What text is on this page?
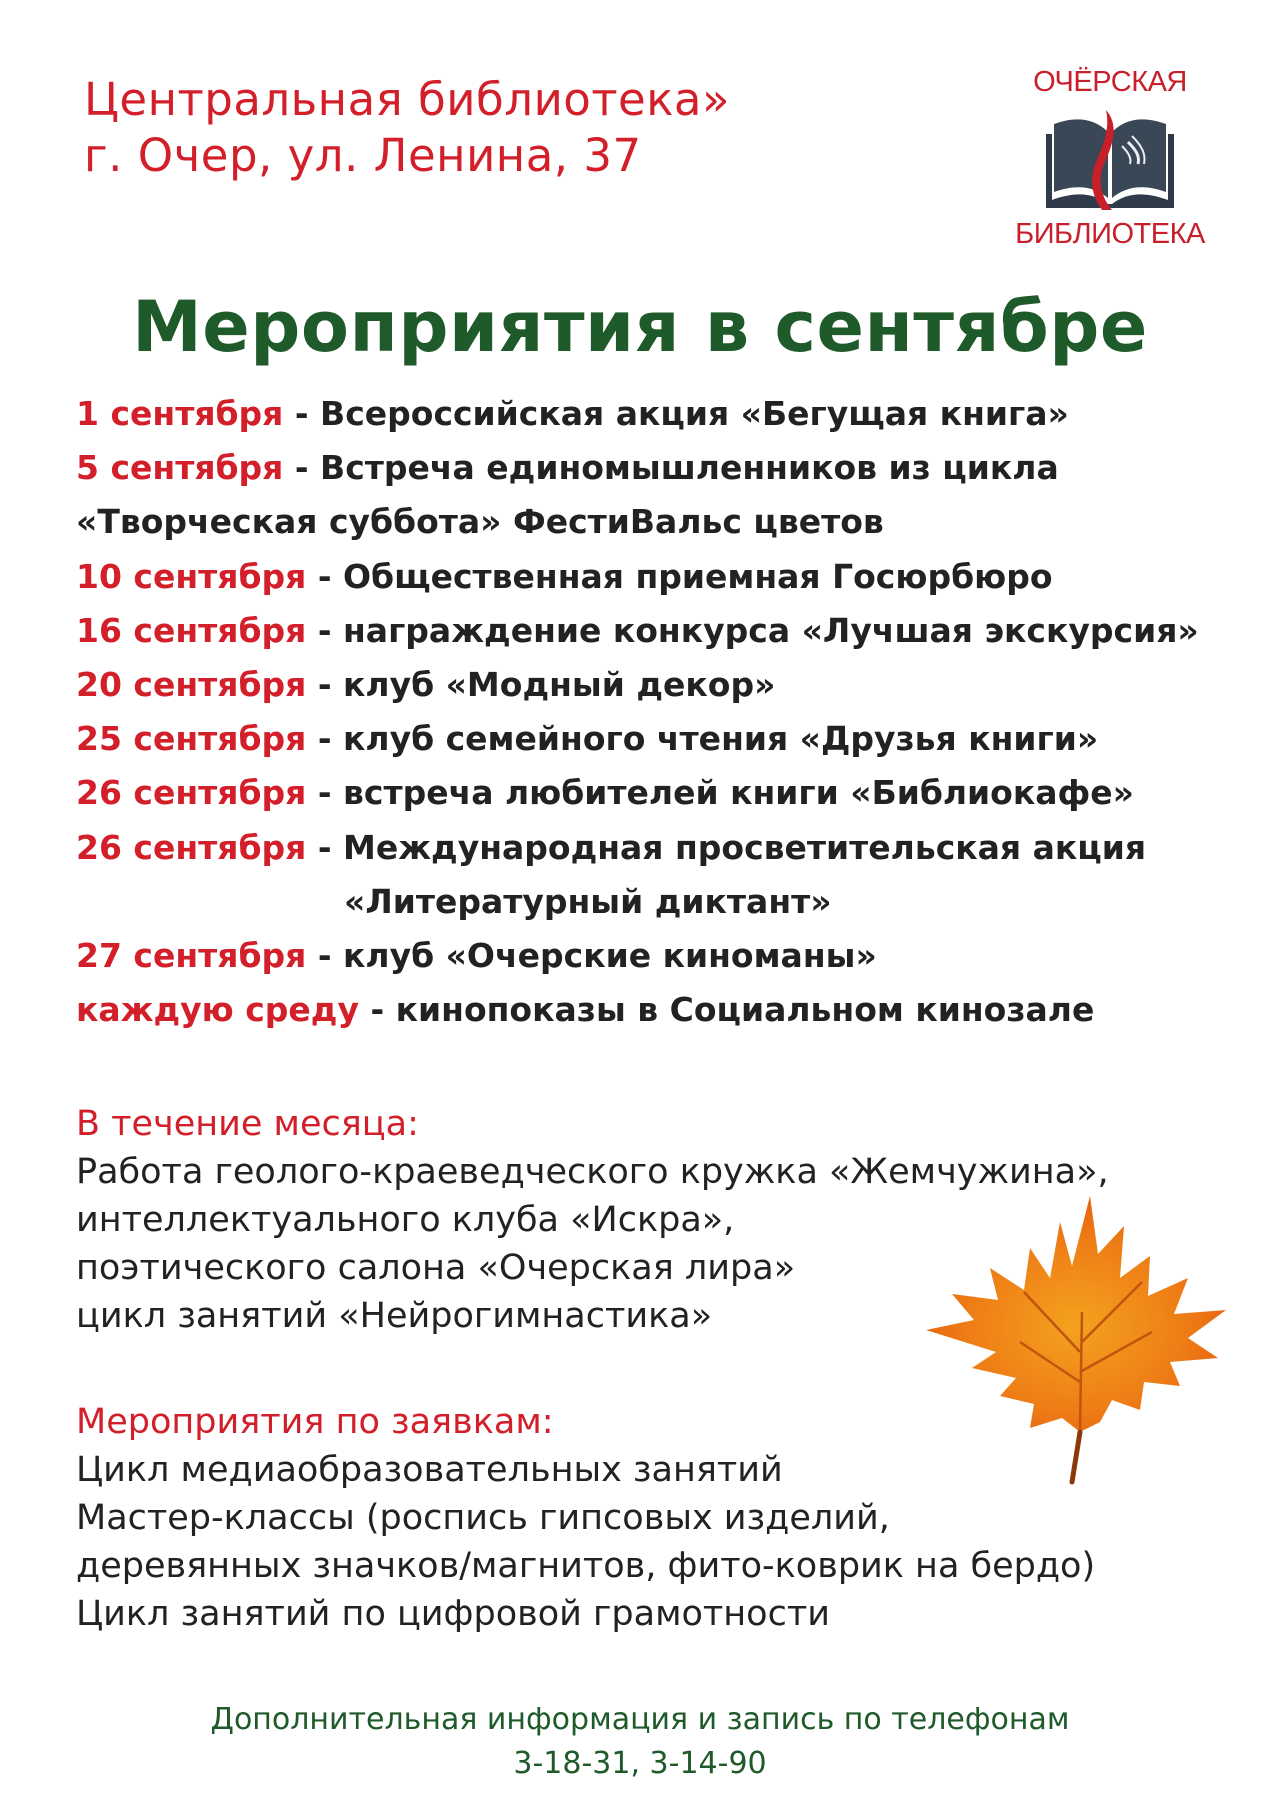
Центральная библиотека»
г. Очер, ул. Ленина, 37
ОЧЁРСКАЯ
БИБЛИОТЕКА
Мероприятия в сентябре
1 сентября - Всероссийская акция «Бегущая книга»
5 сентября - Встреча единомышленников из цикла
«Творческая суббота» ФестиВальс цветов
10 сентября - Общественная приемная Госюрбюро
16 сентября - награждение конкурса «Лучшая экскурсия»
20 сентября - клуб «Модный декор»
25 сентября - клуб семейного чтения «Друзья книги»
26 сентября - встреча любителей книги «Библиокафе»
26 сентября - Международная просветительская акция
«Литературный диктант»
27 сентября - клуб «Очерские киноманы»
каждую среду - кинопоказы в Социальном кинозале
В течение месяца:
Работа геолого-краеведческого кружка «Жемчужина»,
интеллектуального клуба «Искра»,
поэтического салона «Очерская лира»
цикл занятий «Нейрогимнастика»
Мероприятия по заявкам:
Цикл медиаобразовательных занятий
Мастер-классы (роспись гипсовых изделий,
деревянных значков/магнитов, фито-коврик на бердо)
Цикл занятий по цифровой грамотности
Дополнительная информация и запись по телефонам
3-18-31, 3-14-90
